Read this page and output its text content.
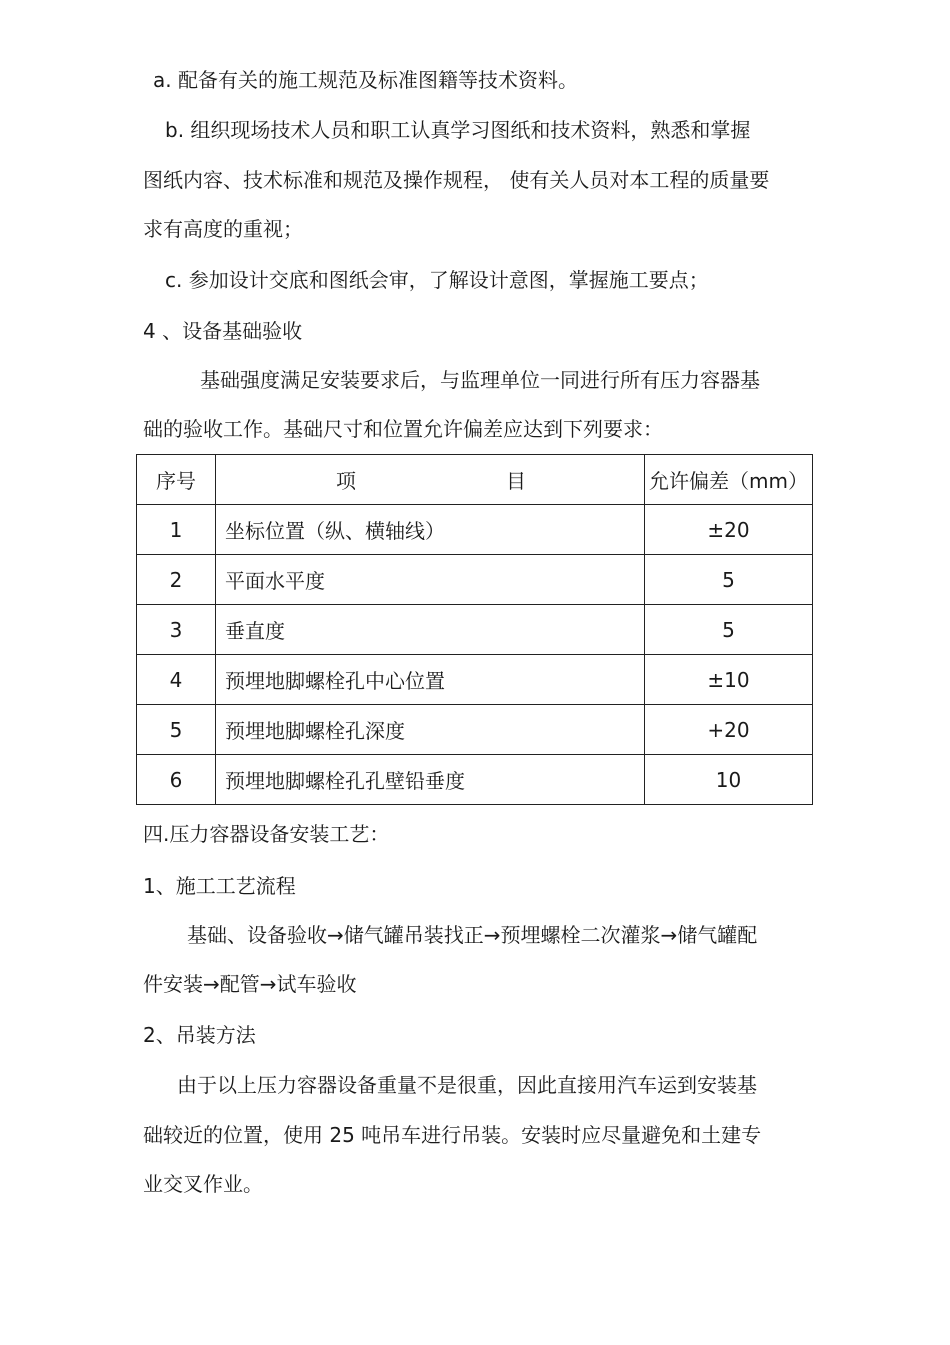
a. 配备有关的施工规范及标准图籍等技术资料。
b. 组织现场技术人员和职工认真学习图纸和技术资料，熟悉和掌握
图纸内容、技术标准和规范及操作规程， 使有关人员对本工程的质量要
求有高度的重视；
c. 参加设计交底和图纸会审，了解设计意图，掌握施工要点；
4 、设备基础验收
基础强度满足安装要求后，与监理单位一同进行所有压力容器基
础的验收工作。基础尺寸和位置允许偏差应达到下列要求：
序号	项 目	允许偏差（mm）
1	坐标位置（纵、横轴线）	±20
2	平面水平度	5
3	垂直度	5
4	预埋地脚螺栓孔中心位置	±10
5	预埋地脚螺栓孔深度	+20
6	预埋地脚螺栓孔孔壁铅垂度	10
四.压力容器设备安装工艺：
1、施工工艺流程
基础、设备验收→储气罐吊装找正→预埋螺栓二次灌浆→储气罐配
件安装→配管→试车验收
2、吊装方法
由于以上压力容器设备重量不是很重，因此直接用汽车运到安装基
础较近的位置，使用 25 吨吊车进行吊装。安装时应尽量避免和土建专
业交叉作业。
